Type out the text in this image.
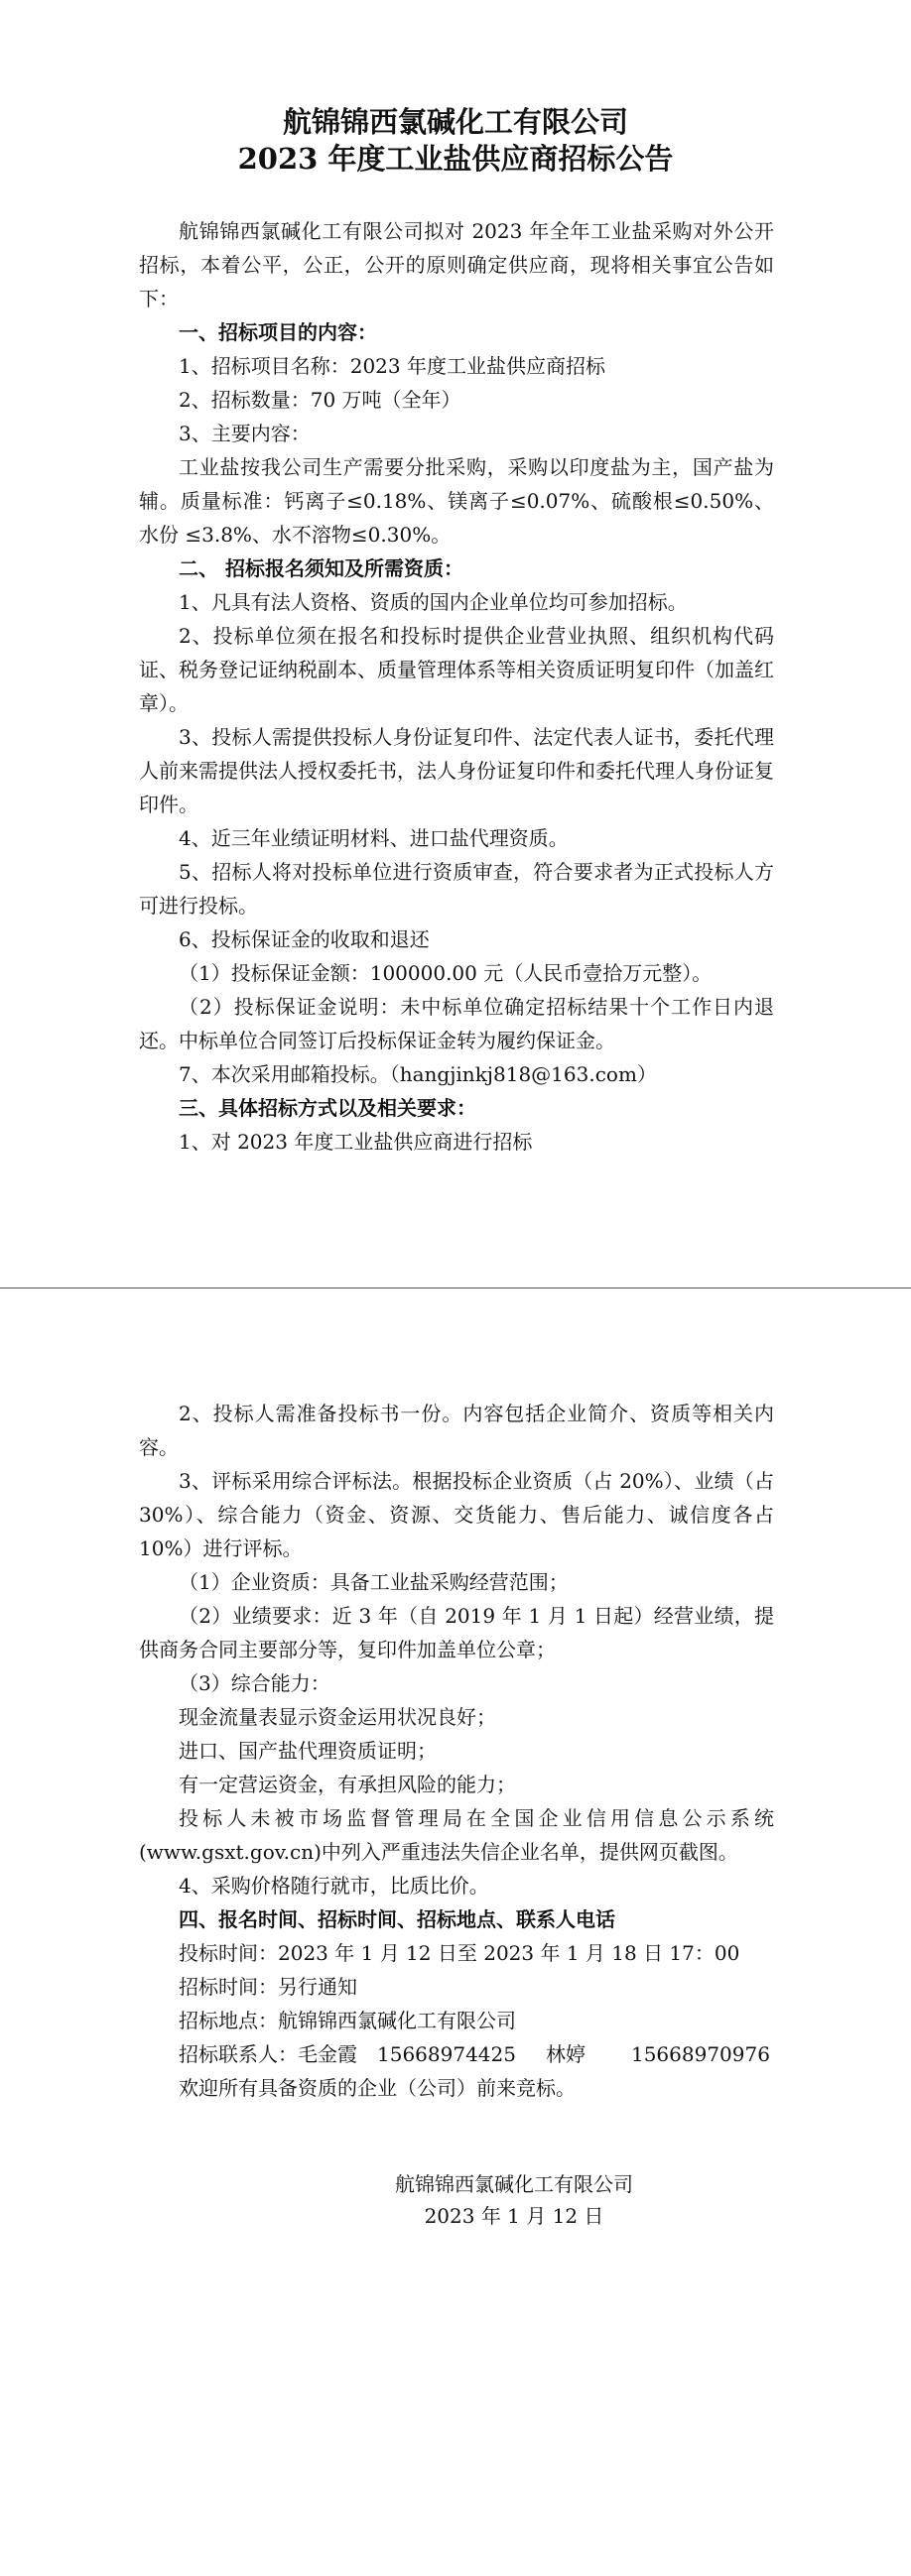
航锦锦西氯碱化工有限公司
2023 年度工业盐供应商招标公告

航锦锦西氯碱化工有限公司拟对 2023 年全年工业盐采购对外公开招标，本着公平，公正，公开的原则确定供应商，现将相关事宜公告如下：

一、招标项目的内容：

1、招标项目名称：2023 年度工业盐供应商招标

2、招标数量：70 万吨（全年）

3、主要内容：

工业盐按我公司生产需要分批采购，采购以印度盐为主，国产盐为辅。质量标准：钙离子≤0.18%、镁离子≤0.07%、硫酸根≤0.50%、水份 ≤3.8%、水不溶物≤0.30%。

二、 招标报名须知及所需资质：

1、凡具有法人资格、资质的国内企业单位均可参加招标。

2、投标单位须在报名和投标时提供企业营业执照、组织机构代码证、税务登记证纳税副本、质量管理体系等相关资质证明复印件（加盖红章）。

3、投标人需提供投标人身份证复印件、法定代表人证书，委托代理人前来需提供法人授权委托书，法人身份证复印件和委托代理人身份证复印件。

4、近三年业绩证明材料、进口盐代理资质。

5、招标人将对投标单位进行资质审查，符合要求者为正式投标人方可进行投标。

6、投标保证金的收取和退还

（1）投标保证金额：100000.00 元（人民币壹拾万元整）。

（2）投标保证金说明：未中标单位确定招标结果十个工作日内退还。中标单位合同签订后投标保证金转为履约保证金。

7、本次采用邮箱投标。（hangjinkj818@163.com）

三、具体招标方式以及相关要求：

1、对 2023 年度工业盐供应商进行招标

2、投标人需准备投标书一份。内容包括企业简介、资质等相关内容。

3、评标采用综合评标法。根据投标企业资质（占 20%）、业绩（占30%）、综合能力（资金、资源、交货能力、售后能力、诚信度各占10%）进行评标。

（1）企业资质：具备工业盐采购经营范围；

（2）业绩要求：近 3 年（自 2019 年 1 月 1 日起）经营业绩，提供商务合同主要部分等，复印件加盖单位公章；

（3）综合能力：

现金流量表显示资金运用状况良好；

进口、国产盐代理资质证明；

有一定营运资金，有承担风险的能力；

投标人未被市场监督管理局在全国企业信用信息公示系统(www.gsxt.gov.cn)中列入严重违法失信企业名单，提供网页截图。

4、采购价格随行就市，比质比价。

四、报名时间、招标时间、招标地点、联系人电话

投标时间：2023 年 1 月 12 日至 2023 年 1 月 18 日 17：00

招标时间：另行通知

招标地点：航锦锦西氯碱化工有限公司

招标联系人：毛金霞 15668974425 林婷 15668970976

欢迎所有具备资质的企业（公司）前来竞标。

航锦锦西氯碱化工有限公司

2023 年 1 月 12 日
